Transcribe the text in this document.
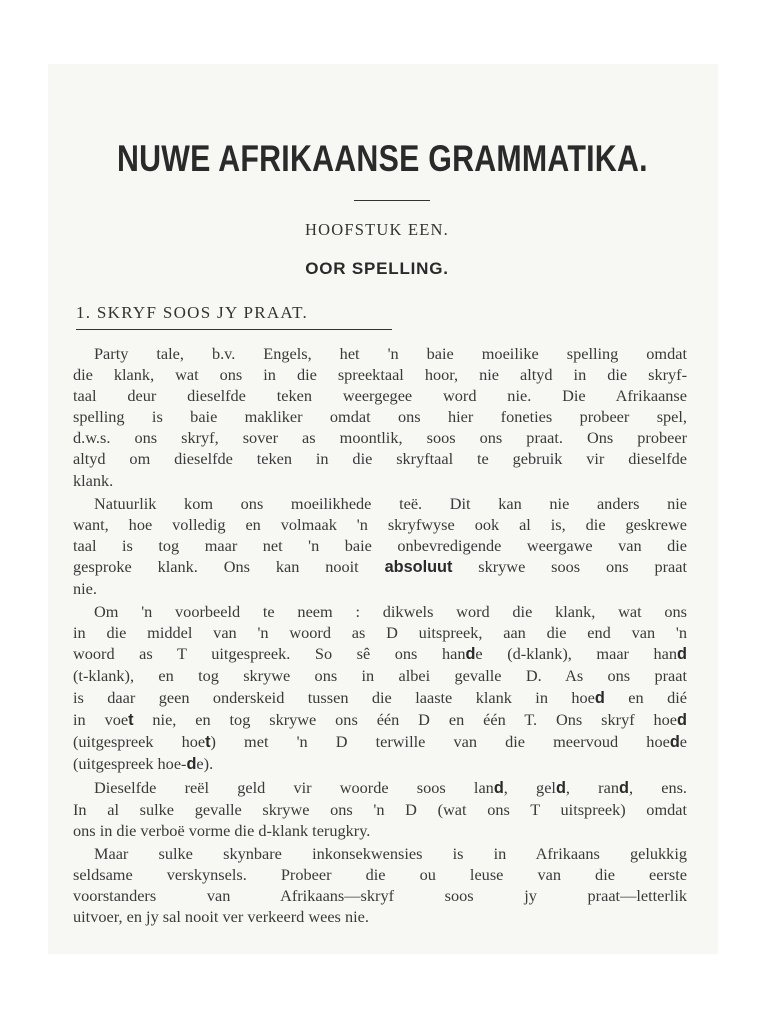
NUWE AFRIKAANSE GRAMMATIKA.
HOOFSTUK EEN.
OOR SPELLING.
1. SKRYF SOOS JY PRAAT.

Party tale, b.v. Engels, het 'n baie moeilike spelling omdat
die klank, wat ons in die spreektaal hoor, nie altyd in die skryf-
taal deur dieselfde teken weergegee word nie. Die Afrikaanse
spelling is baie makliker omdat ons hier foneties probeer spel,
d.w.s. ons skryf, sover as moontlik, soos ons praat. Ons probeer
altyd om dieselfde teken in die skryftaal te gebruik vir dieselfde
klank.

Natuurlik kom ons moeilikhede teë. Dit kan nie anders nie
want, hoe volledig en volmaak 'n skryfwyse ook al is, die geskrewe
taal is tog maar net 'n baie onbevredigende weergawe van die
gesproke klank. Ons kan nooit absoluut skrywe soos ons praat
nie.

Om 'n voorbeeld te neem : dikwels word die klank, wat ons
in die middel van 'n woord as D uitspreek, aan die end van 'n
woord as T uitgespreek. So sê ons hande (d-klank), maar hand
(t-klank), en tog skrywe ons in albei gevalle D. As ons praat
is daar geen onderskeid tussen die laaste klank in hoed en dié
in voet nie, en tog skrywe ons één D en één T. Ons skryf hoed
(uitgespreek hoet) met 'n D terwille van die meervoud hoede
(uitgespreek hoe-de).

Dieselfde reël geld vir woorde soos land, geld, rand, ens.
In al sulke gevalle skrywe ons 'n D (wat ons T uitspreek) omdat
ons in die verboë vorme die d-klank terugkry.

Maar sulke skynbare inkonsekwensies is in Afrikaans gelukkig
seldsame verskynsels. Probeer die ou leuse van die eerste
voorstanders van Afrikaans—skryf soos jy praat—letterlik
uitvoer, en jy sal nooit ver verkeerd wees nie.
